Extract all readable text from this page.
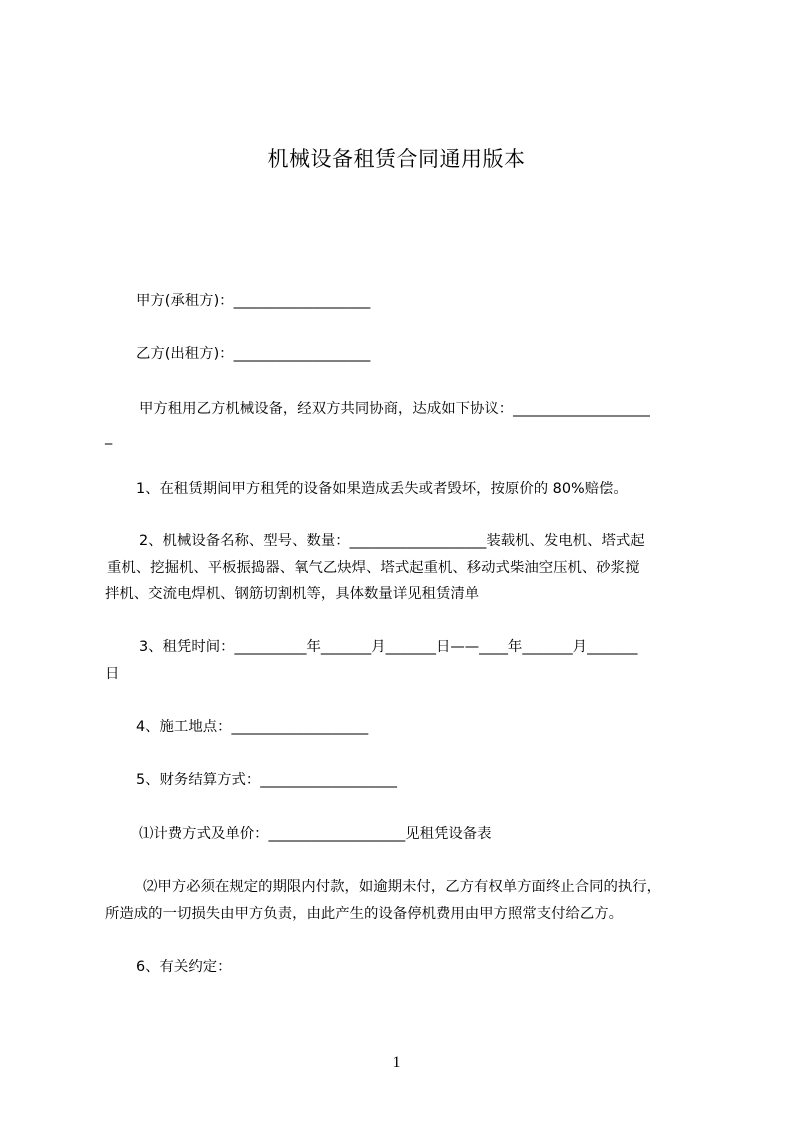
机械设备租赁合同通用版本
甲方(承租方)：___________________
乙方(出租方)：___________________
甲方租用乙方机械设备，经双方共同协商，达成如下协议：___________________
_
1、在租赁期间甲方租凭的设备如果造成丢失或者毁坏，按原价的 80%赔偿。
2、机械设备名称、型号、数量：___________________装载机、发电机、塔式起
重机、挖掘机、平板振捣器、氧气乙炔焊、塔式起重机、移动式柴油空压机、砂浆搅
拌机、交流电焊机、钢筋切割机等，具体数量详见租赁清单
3、租凭时间：__________年_______月_______日——____年_______月_______
日
4、施工地点：___________________
5、财务结算方式：___________________
⑴计费方式及单价：___________________见租凭设备表
⑵甲方必须在规定的期限内付款，如逾期未付，乙方有权单方面终止合同的执行，
所造成的一切损失由甲方负责，由此产生的设备停机费用由甲方照常支付给乙方。
6、有关约定：
1
